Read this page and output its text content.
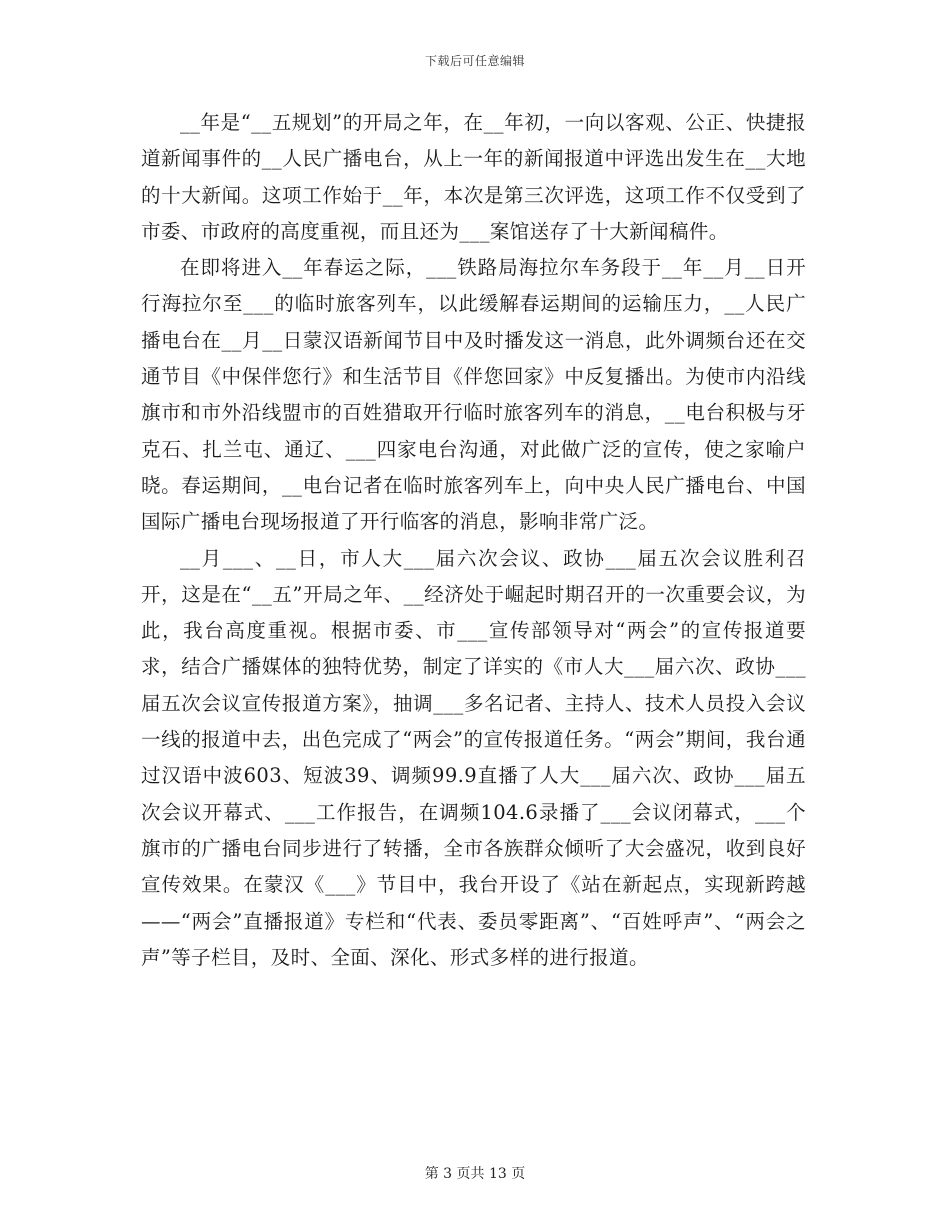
下载后可任意编辑

__年是“__五规划”的开局之年，在__年初，一向以客观、公正、快捷报道新闻事件的__人民广播电台，从上一年的新闻报道中评选出发生在__大地的十大新闻。这项工作始于__年，本次是第三次评选，这项工作不仅受到了市委、市政府的高度重视，而且还为___案馆送存了十大新闻稿件。

在即将进入__年春运之际，___铁路局海拉尔车务段于__年__月__日开行海拉尔至___的临时旅客列车，以此缓解春运期间的运输压力，__人民广播电台在__月__日蒙汉语新闻节目中及时播发这一消息，此外调频台还在交通节目《中保伴您行》和生活节目《伴您回家》中反复播出。为使市内沿线旗市和市外沿线盟市的百姓猎取开行临时旅客列车的消息，__电台积极与牙克石、扎兰屯、通辽、___四家电台沟通，对此做广泛的宣传，使之家喻户晓。春运期间，__电台记者在临时旅客列车上，向中央人民广播电台、中国国际广播电台现场报道了开行临客的消息，影响非常广泛。

__月___、__日，市人大___届六次会议、政协___届五次会议胜利召开，这是在“__五”开局之年、__经济处于崛起时期召开的一次重要会议，为此，我台高度重视。根据市委、市___宣传部领导对“两会”的宣传报道要求，结合广播媒体的独特优势，制定了详实的《市人大___届六次、政协___届五次会议宣传报道方案》，抽调___多名记者、主持人、技术人员投入会议一线的报道中去，出色完成了“两会”的宣传报道任务。“两会”期间，我台通过汉语中波603、短波39、调频99.9直播了人大___届六次、政协___届五次会议开幕式、___工作报告，在调频104.6录播了___会议闭幕式，___个旗市的广播电台同步进行了转播，全市各族群众倾听了大会盛况，收到良好宣传效果。在蒙汉《___》节目中，我台开设了《站在新起点，实现新跨越——“两会”直播报道》专栏和“代表、委员零距离”、“百姓呼声”、“两会之声”等子栏目，及时、全面、深化、形式多样的进行报道。

第 3 页共 13 页
